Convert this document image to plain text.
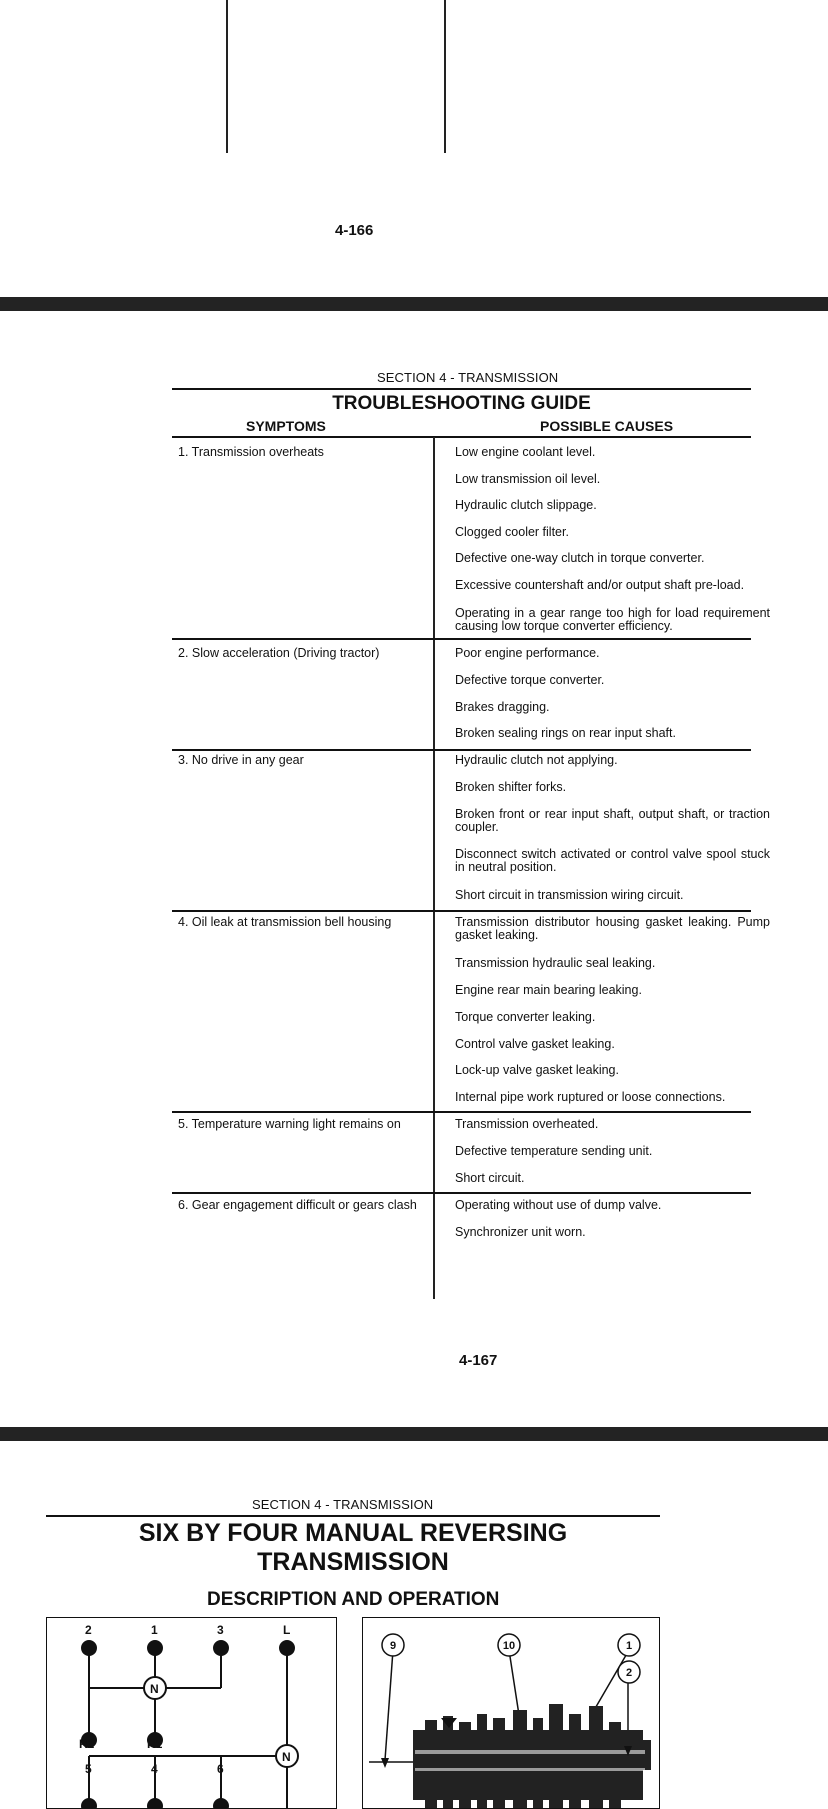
4-166
SECTION 4 - TRANSMISSION
TROUBLESHOOTING GUIDE
SYMPTOMS	POSSIBLE CAUSES
1. Transmission overheats	Low engine coolant level.
Low transmission oil level.
Hydraulic clutch slippage.
Clogged cooler filter.
Defective one-way clutch in torque converter.
Excessive countershaft and/or output shaft pre-load.
Operating in a gear range too high for load requirement causing low torque converter efficiency.
2. Slow acceleration (Driving tractor)	Poor engine performance.
Defective torque converter.
Brakes dragging.
Broken sealing rings on rear input shaft.
3. No drive in any gear	Hydraulic clutch not applying.
Broken shifter forks.
Broken front or rear input shaft, output shaft, or traction coupler.
Disconnect switch activated or control valve spool stuck in neutral position.
Short circuit in transmission wiring circuit.
4. Oil leak at transmission bell housing	Transmission distributor housing gasket leaking. Pump gasket leaking.
Transmission hydraulic seal leaking.
Engine rear main bearing leaking.
Torque converter leaking.
Control valve gasket leaking.
Lock-up valve gasket leaking.
Internal pipe work ruptured or loose connections.
5. Temperature warning light remains on	Transmission overheated.
Defective temperature sending unit.
Short circuit.
6. Gear engagement difficult or gears clash	Operating without use of dump valve.
Synchronizer unit worn.
4-167
SECTION 4 - TRANSMISSION
SIX BY FOUR MANUAL REVERSING
TRANSMISSION
DESCRIPTION AND OPERATION
2	1	3	L
N
R2	R1
N
5	4	6
9	10	1
2
